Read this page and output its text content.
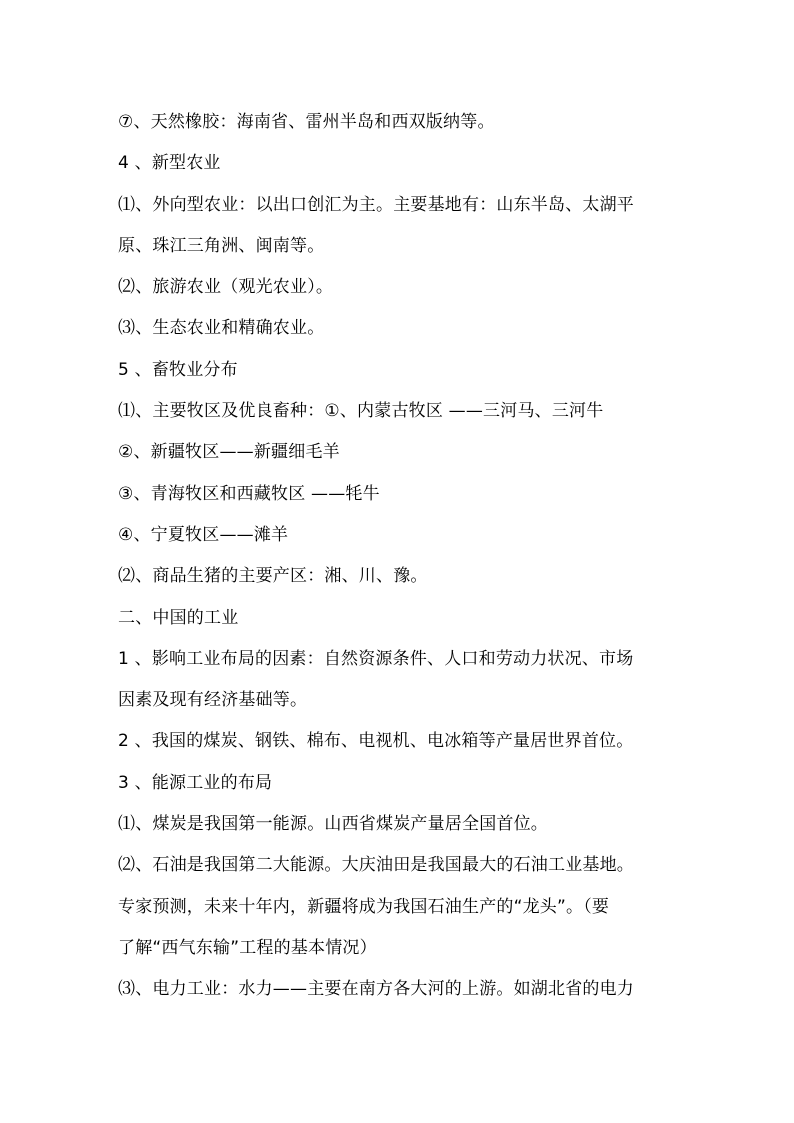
⑦、天然橡胶：海南省、雷州半岛和西双版纳等。
4 、新型农业
⑴、外向型农业：以出口创汇为主。主要基地有：山东半岛、太湖平
原、珠江三角洲、闽南等。
⑵、旅游农业（观光农业）。
⑶、生态农业和精确农业。
5 、畜牧业分布
⑴、主要牧区及优良畜种：①、内蒙古牧区 ——三河马、三河牛
②、新疆牧区——新疆细毛羊
③、青海牧区和西藏牧区 ——牦牛
④、宁夏牧区——滩羊
⑵、商品生猪的主要产区：湘、川、豫。
二、中国的工业
1 、影响工业布局的因素：自然资源条件、人口和劳动力状况、市场
因素及现有经济基础等。
2 、我国的煤炭、钢铁、棉布、电视机、电冰箱等产量居世界首位。
3 、能源工业的布局
⑴、煤炭是我国第一能源。山西省煤炭产量居全国首位。
⑵、石油是我国第二大能源。大庆油田是我国最大的石油工业基地。
专家预测，未来十年内，新疆将成为我国石油生产的“龙头”。（要
了解“西气东输”工程的基本情况）
⑶、电力工业：水力——主要在南方各大河的上游。如湖北省的电力
